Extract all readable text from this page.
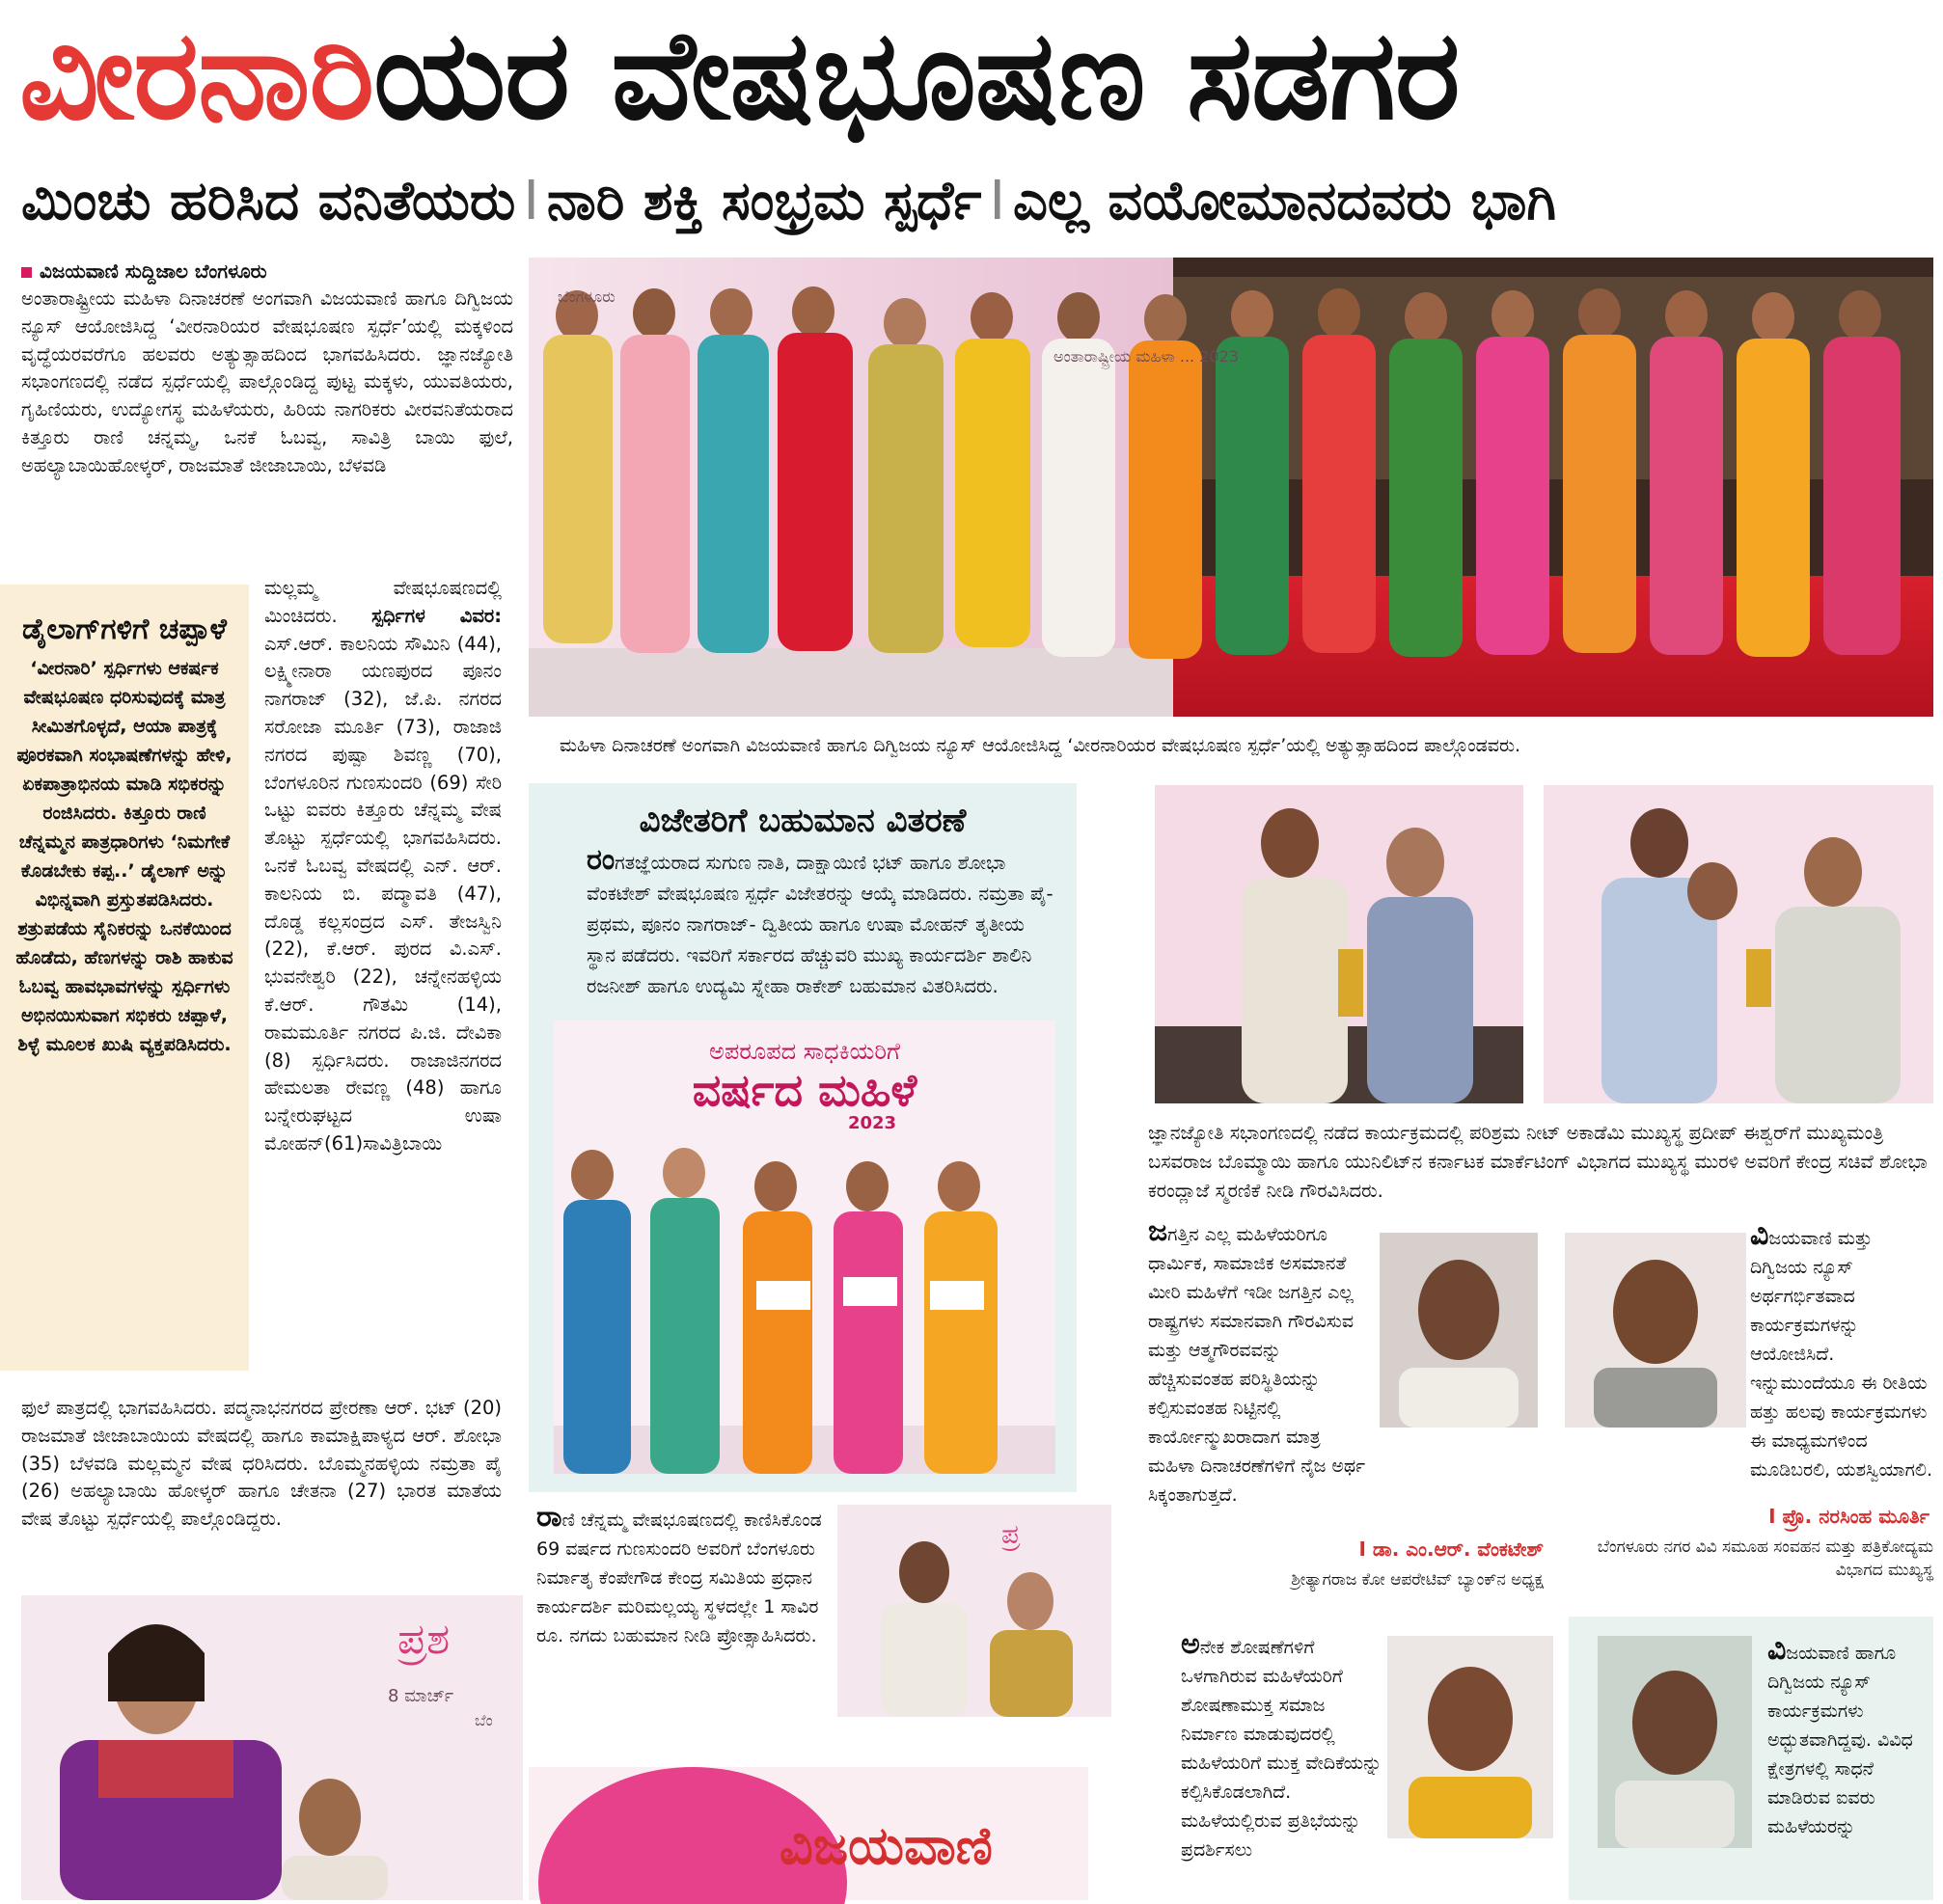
ವೀರನಾರಿಯರ ವೇಷಭೂಷಣ ಸಡಗರ
ಮಿಂಚು ಹರಿಸಿದ ವನಿತೆಯರು I ನಾರಿ ಶಕ್ತಿ ಸಂಭ್ರಮ ಸ್ಪರ್ಧೆ I ಎಲ್ಲ ವಯೋಮಾನದವರು ಭಾಗಿ
ವಿಜಯವಾಣಿ ಸುದ್ದಿಜಾಲ ಬೆಂಗಳೂರು
ಅಂತಾರಾಷ್ಟ್ರೀಯ ಮಹಿಳಾ ದಿನಾಚರಣೆ ಅಂಗವಾಗಿ ವಿಜಯವಾಣಿ ಹಾಗೂ ದಿಗ್ವಿಜಯ ನ್ಯೂಸ್ ಆಯೋಜಿಸಿದ್ದ ‘ವೀರನಾರಿಯರ ವೇಷಭೂಷಣ ಸ್ಪರ್ಧೆ’ಯಲ್ಲಿ ಮಕ್ಕಳಿಂದ ವೃದ್ಧೆಯರವರೆಗೂ ಹಲವರು ಅತ್ಯುತ್ಸಾಹದಿಂದ ಭಾಗವಹಿಸಿದರು. ಜ್ಞಾನಜ್ಯೋತಿ ಸಭಾಂಗಣದಲ್ಲಿ ನಡೆದ ಸ್ಪರ್ಧೆಯಲ್ಲಿ ಪಾಲ್ಗೊಂಡಿದ್ದ ಪುಟ್ಟ ಮಕ್ಕಳು, ಯುವತಿಯರು, ಗೃಹಿಣಿಯರು, ಉದ್ಯೋಗಸ್ಥ ಮಹಿಳೆಯರು, ಹಿರಿಯ ನಾಗರಿಕರು ವೀರವನಿತೆಯರಾದ ಕಿತ್ತೂರು ರಾಣಿ ಚನ್ನಮ್ಮ, ಒನಕೆ ಓಬವ್ವ, ಸಾವಿತ್ರಿ ಬಾಯಿ ಫುಲೆ, ಅಹಲ್ಯಾಬಾಯಿಹೋಳ್ಕರ್, ರಾಜಮಾತೆ ಜೀಜಾಬಾಯಿ, ಬೆಳವಡಿ
ಡೈಲಾಗ್‌ಗಳಿಗೆ ಚಪ್ಪಾಳೆ
‘ವೀರನಾರಿ’ ಸ್ಪರ್ಧಿಗಳು ಆಕರ್ಷಕ ವೇಷಭೂಷಣ ಧರಿಸುವುದಕ್ಕೆ ಮಾತ್ರ ಸೀಮಿತಗೊಳ್ಳದೆ, ಆಯಾ ಪಾತ್ರಕ್ಕೆ ಪೂರಕವಾಗಿ ಸಂಭಾಷಣೆಗಳನ್ನು ಹೇಳಿ, ಏಕಪಾತ್ರಾಭಿನಯ ಮಾಡಿ ಸಭಿಕರನ್ನು ರಂಜಿಸಿದರು. ಕಿತ್ತೂರು ರಾಣಿ ಚೆನ್ನಮ್ಮನ ಪಾತ್ರಧಾರಿಗಳು ‘ನಿಮಗೇಕೆ ಕೊಡಬೇಕು ಕಪ್ಪ..’ ಡೈಲಾಗ್ ಅನ್ನು ವಿಭಿನ್ನವಾಗಿ ಪ್ರಸ್ತುತಪಡಿಸಿದರು. ಶತ್ರುಪಡೆಯ ಸೈನಿಕರನ್ನು ಒನಕೆಯಿಂದ ಹೊಡೆದು, ಹೆಣಗಳನ್ನು ರಾಶಿ ಹಾಕುವ ಓಬವ್ವ ಹಾವಭಾವಗಳನ್ನು ಸ್ಪರ್ಧಿಗಳು ಅಭಿನಯಿಸುವಾಗ ಸಭಿಕರು ಚಪ್ಪಾಳೆ, ಶಿಳ್ಳೆ ಮೂಲಕ ಖುಷಿ ವ್ಯಕ್ತಪಡಿಸಿದರು.
ಮಲ್ಲಮ್ಮ ವೇಷಭೂಷಣದಲ್ಲಿ ಮಿಂಚಿದರು. ಸ್ಪರ್ಧಿಗಳ ವಿವರ: ಎಸ್.ಆರ್. ಕಾಲನಿಯ ಸೌಮಿನಿ (44), ಲಕ್ಷ್ಮೀನಾರಾ ಯಣಪುರದ ಪೂನಂ ನಾಗರಾಜ್ (32), ಜೆ.ಪಿ. ನಗರದ ಸರೋಜಾ ಮೂರ್ತಿ (73), ರಾಜಾಜಿ ನಗರದ ಪುಷ್ಪಾ ಶಿವಣ್ಣ (70), ಬೆಂಗಳೂರಿನ ಗುಣಸುಂದರಿ (69) ಸೇರಿ ಒಟ್ಟು ಐವರು ಕಿತ್ತೂರು ಚೆನ್ನಮ್ಮ ವೇಷ ತೊಟ್ಟು ಸ್ಪರ್ಧೆಯಲ್ಲಿ ಭಾಗವಹಿಸಿದರು. ಒನಕೆ ಓಬವ್ವ ವೇಷದಲ್ಲಿ ಎನ್. ಆರ್. ಕಾಲನಿಯ ಬಿ. ಪದ್ಮಾವತಿ (47), ದೊಡ್ಡ ಕಲ್ಲಸಂದ್ರದ ಎಸ್. ತೇಜಸ್ವಿನಿ (22), ಕೆ.ಆರ್. ಪುರದ ವಿ.ಎಸ್. ಭುವನೇಶ್ವರಿ (22), ಚನ್ನೇನಹಳ್ಳಿಯ ಕೆ.ಆರ್. ಗೌತಮಿ (14), ರಾಮಮೂರ್ತಿ ನಗರದ ಪಿ.ಜಿ. ದೇವಿಕಾ (8) ಸ್ಪರ್ಧಿಸಿದರು. ರಾಜಾಜಿನಗರದ ಹೇಮಲತಾ ರೇವಣ್ಣ (48) ಹಾಗೂ ಬನ್ನೇರುಘಟ್ಟದ ಉಷಾ ಮೋಹನ್(61)ಸಾವಿತ್ರಿಬಾಯಿ
ಫುಲೆ ಪಾತ್ರದಲ್ಲಿ ಭಾಗವಹಿಸಿದರು. ಪದ್ಮನಾಭನಗರದ ಪ್ರೇರಣಾ ಆರ್. ಭಟ್ (20) ರಾಜಮಾತೆ ಜೀಜಾಬಾಯಿಯ ವೇಷದಲ್ಲಿ ಹಾಗೂ ಕಾಮಾಕ್ಷಿಪಾಳ್ಯದ ಆರ್. ಶೋಭಾ (35) ಬೆಳವಡಿ ಮಲ್ಲಮ್ಮನ ವೇಷ ಧರಿಸಿದರು. ಬೊಮ್ಮನಹಳ್ಳಿಯ ನಮ್ರತಾ ಪೈ (26) ಅಹಲ್ಯಾಬಾಯಿ ಹೋಳ್ಕರ್ ಹಾಗೂ ಚೇತನಾ (27) ಭಾರತ ಮಾತೆಯ ವೇಷ ತೊಟ್ಟು ಸ್ಪರ್ಧೆಯಲ್ಲಿ ಪಾಲ್ಗೊಂಡಿದ್ದರು.
ಅಂತಾರಾಷ್ಟ್ರೀಯ ಮಹಿಳಾ ... 2023
ಬೆಂಗಳೂರು
ಮಹಿಳಾ ದಿನಾಚರಣೆ ಅಂಗವಾಗಿ ವಿಜಯವಾಣಿ ಹಾಗೂ ದಿಗ್ವಿಜಯ ನ್ಯೂಸ್ ಆಯೋಜಿಸಿದ್ದ ‘ವೀರನಾರಿಯರ ವೇಷಭೂಷಣ ಸ್ಪರ್ಧೆ’ಯಲ್ಲಿ ಅತ್ಯುತ್ಸಾಹದಿಂದ ಪಾಲ್ಗೊಂಡವರು.
ವಿಜೇತರಿಗೆ ಬಹುಮಾನ ವಿತರಣೆ
ರಂಗತಜ್ಞೆಯರಾದ ಸುಗುಣ ನಾತಿ, ದಾಕ್ಷಾಯಿಣಿ ಭಟ್ ಹಾಗೂ ಶೋಭಾ ವೆಂಕಟೇಶ್ ವೇಷಭೂಷಣ ಸ್ಪರ್ಧೆ ವಿಜೇತರನ್ನು ಆಯ್ಕೆ ಮಾಡಿದರು. ನಮ್ರತಾ ಪೈ- ಪ್ರಥಮ, ಪೂನಂ ನಾಗರಾಜ್- ದ್ವಿತೀಯ ಹಾಗೂ ಉಷಾ ಮೋಹನ್ ತೃತೀಯ ಸ್ಥಾನ ಪಡೆದರು. ಇವರಿಗೆ ಸರ್ಕಾರದ ಹೆಚ್ಚುವರಿ ಮುಖ್ಯ ಕಾರ್ಯದರ್ಶಿ ಶಾಲಿನಿ ರಜನೀಶ್ ಹಾಗೂ ಉದ್ಯಮಿ ಸ್ನೇಹಾ ರಾಕೇಶ್ ಬಹುಮಾನ ವಿತರಿಸಿದರು.
ಅಪರೂಪದ ಸಾಧಕಿಯರಿಗೆ
ವರ್ಷದ ಮಹಿಳೆ
2023	ಜ್ಞಾನಜ್ಯೋತಿ ಸಭಾಂಗಣದಲ್ಲಿ ನಡೆದ ಕಾರ್ಯಕ್ರಮದಲ್ಲಿ ಪರಿಶ್ರಮ ನೀಟ್ ಅಕಾಡೆಮಿ ಮುಖ್ಯಸ್ಥ ಪ್ರದೀಪ್ ಈಶ್ವರ್‌ಗೆ ಮುಖ್ಯಮಂತ್ರಿ ಬಸವರಾಜ ಬೊಮ್ಮಾಯಿ ಹಾಗೂ ಯುನಿಲಿಟ್‌ನ ಕರ್ನಾಟಕ ಮಾರ್ಕೆಟಿಂಗ್ ವಿಭಾಗದ ಮುಖ್ಯಸ್ಥ ಮುರಳಿ ಅವರಿಗೆ ಕೇಂದ್ರ ಸಚಿವೆ ಶೋಭಾ ಕರಂದ್ಲಾಜೆ ಸ್ಮರಣಿಕೆ ನೀಡಿ ಗೌರವಿಸಿದರು.
ಜಗತ್ತಿನ ಎಲ್ಲ ಮಹಿಳೆಯರಿಗೂ ಧಾರ್ಮಿಕ, ಸಾಮಾಜಿಕ ಅಸಮಾನತೆ ಮೀರಿ ಮಹಿಳೆಗೆ ಇಡೀ ಜಗತ್ತಿನ ಎಲ್ಲ ರಾಷ್ಟ್ರಗಳು ಸಮಾನವಾಗಿ ಗೌರವಿಸುವ ಮತ್ತು ಆತ್ಮಗೌರವವನ್ನು ಹೆಚ್ಚಿಸುವಂತಹ ಪರಿಸ್ಥಿತಿಯನ್ನು ಕಲ್ಪಿಸುವಂತಹ ನಿಟ್ಟಿನಲ್ಲಿ ಕಾರ್ಯೋನ್ಮುಖರಾದಾಗ ಮಾತ್ರ ಮಹಿಳಾ ದಿನಾಚರಣೆಗಳಿಗೆ ನೈಜ ಅರ್ಥ ಸಿಕ್ಕಂತಾಗುತ್ತದೆ.
I ಡಾ. ಎಂ.ಆರ್. ವೆಂಕಟೇಶ್
ಶ್ರೀತ್ಯಾಗರಾಜ ಕೋ ಆಪರೇಟಿವ್ ಬ್ಯಾಂಕ್‌ನ ಅಧ್ಯಕ್ಷ
ವಿಜಯವಾಣಿ ಮತ್ತು ದಿಗ್ವಿಜಯ ನ್ಯೂಸ್ ಅರ್ಥಗರ್ಭಿತವಾದ ಕಾರ್ಯಕ್ರಮಗಳನ್ನು ಆಯೋಜಿಸಿದೆ. ಇನ್ನುಮುಂದೆಯೂ ಈ ರೀತಿಯ ಹತ್ತು ಹಲವು ಕಾರ್ಯಕ್ರಮಗಳು ಈ ಮಾಧ್ಯಮಗಳಿಂದ ಮೂಡಿಬರಲಿ, ಯಶಸ್ವಿಯಾಗಲಿ.
I ಪ್ರೊ. ನರಸಿಂಹ ಮೂರ್ತಿ
ಬೆಂಗಳೂರು ನಗರ ವಿವಿ ಸಮೂಹ ಸಂವಹನ ಮತ್ತು ಪತ್ರಿಕೋದ್ಯಮ ವಿಭಾಗದ ಮುಖ್ಯಸ್ಥ
ರಾಣಿ ಚೆನ್ನಮ್ಮ ವೇಷಭೂಷಣದಲ್ಲಿ ಕಾಣಿಸಿಕೊಂಡ 69 ವರ್ಷದ ಗುಣಸುಂದರಿ ಅವರಿಗೆ ಬೆಂಗಳೂರು ನಿರ್ಮಾತೃ ಕೆಂಪೇಗೌಡ ಕೇಂದ್ರ ಸಮಿತಿಯ ಪ್ರಧಾನ ಕಾರ್ಯದರ್ಶಿ ಮರಿಮಲ್ಲಯ್ಯ ಸ್ಥಳದಲ್ಲೇ 1 ಸಾವಿರ ರೂ. ನಗದು ಬಹುಮಾನ ನೀಡಿ ಪ್ರೋತ್ಸಾಹಿಸಿದರು.
ಪ್ರ
ಅನೇಕ ಶೋಷಣೆಗಳಿಗೆ ಒಳಗಾಗಿರುವ ಮಹಿಳೆಯರಿಗೆ ಶೋಷಣಾಮುಕ್ತ ಸಮಾಜ ನಿರ್ಮಾಣ ಮಾಡುವುದರಲ್ಲಿ ಮಹಿಳೆಯರಿಗೆ ಮುಕ್ತ ವೇದಿಕೆಯನ್ನು ಕಲ್ಪಿಸಿಕೊಡಲಾಗಿದೆ. ಮಹಿಳೆಯಲ್ಲಿರುವ ಪ್ರತಿಭೆಯನ್ನು ಪ್ರದರ್ಶಿಸಲು
ವಿಜಯವಾಣಿ ಹಾಗೂ ದಿಗ್ವಿಜಯ ನ್ಯೂಸ್ ಕಾರ್ಯಕ್ರಮಗಳು ಅದ್ಭುತವಾಗಿದ್ದವು. ವಿವಿಧ ಕ್ಷೇತ್ರಗಳಲ್ಲಿ ಸಾಧನೆ ಮಾಡಿರುವ ಐವರು ಮಹಿಳೆಯರನ್ನು
ಪ್ರಶ
8 ಮಾರ್ಚ್
ಬೆಂ
ವಿಜಯವಾಣಿ
